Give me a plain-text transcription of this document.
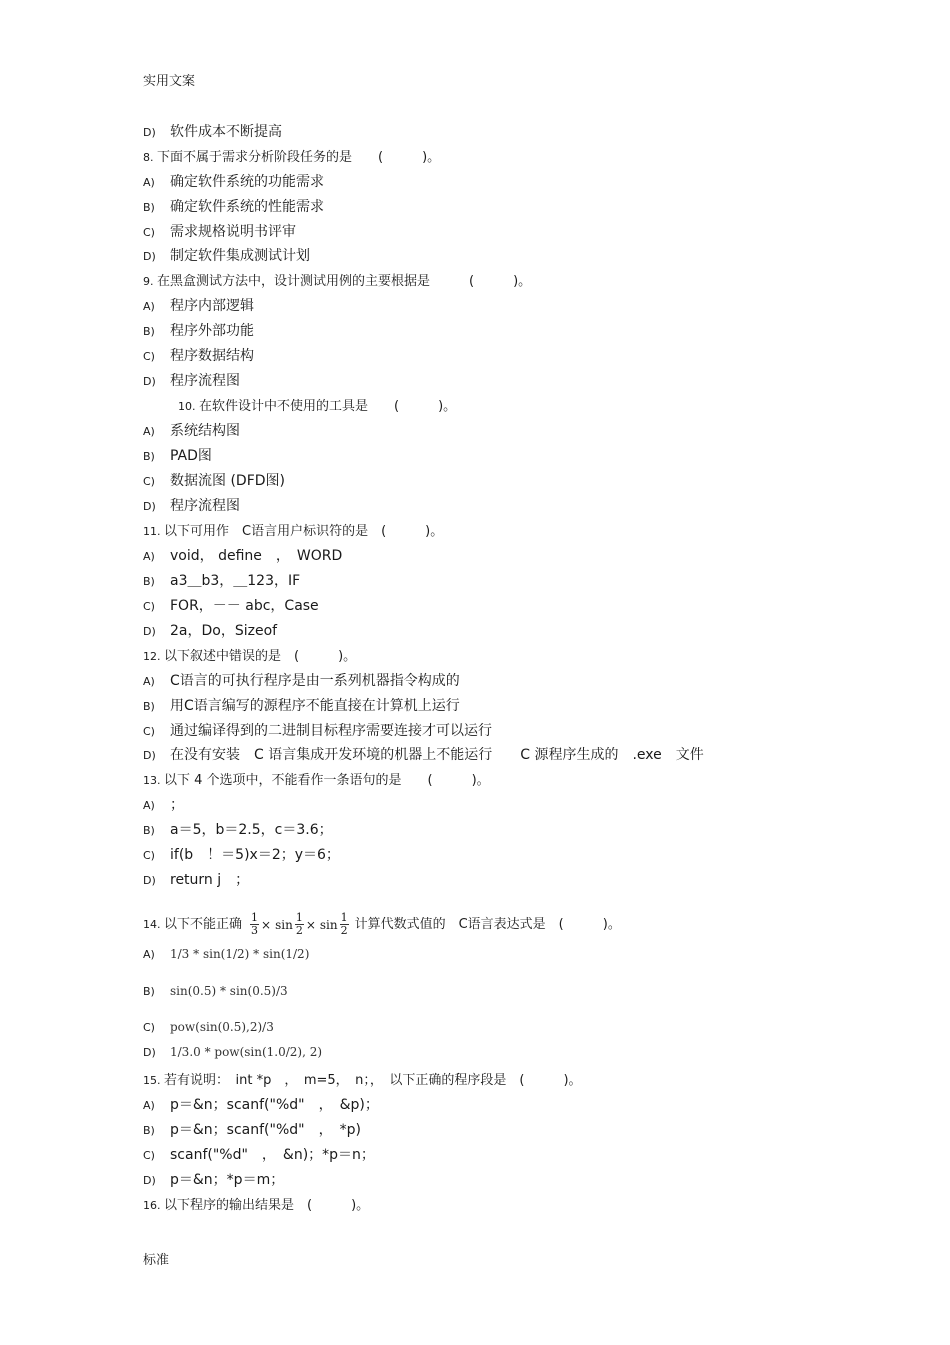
实用文案
D) 软件成本不断提高
8. 下面不属于需求分析阶段任务的是　　(　　　)。
A) 确定软件系统的功能需求
B) 确定软件系统的性能需求
C) 需求规格说明书评审
D) 制定软件集成测试计划
9. 在黑盒测试方法中，设计测试用例的主要根据是　　　(　　　)。
A) 程序内部逻辑
B) 程序外部功能
C) 程序数据结构
D) 程序流程图
10. 在软件设计中不使用的工具是　　(　　　)。
A) 系统结构图
B) PAD图
C) 数据流图 (DFD图)
D) 程序流程图
11. 以下可用作　C语言用户标识符的是　(　　　)。
A) void， define　，　WORD
B) a3＿b3，＿123，IF
C) FOR，－－ abc，Case
D) 2a，Do，Sizeof
12. 以下叙述中错误的是　(　　　)。
A) C语言的可执行程序是由一系列机器指令构成的
B) 用C语言编写的源程序不能直接在计算机上运行
C) 通过编译得到的二进制目标程序需要连接才可以运行
D) 在没有安装　C 语言集成开发环境的机器上不能运行　　C 源程序生成的　.exe　文件
13. 以下 4 个选项中，不能看作一条语句的是　　(　　　)。
A) ；
B) a＝5，b＝2.5，c＝3.6；
C) if(b　！＝5)x＝2；y＝6；
D) return j　；
14. 以下不能正确 $\frac{1}{3} \times \sin \frac{1}{2} \times \sin \frac{1}{2}$ 计算代数式值的　C语言表达式是　(　　　)。
A) 1/3 * sin(1/2) * sin(1/2)
B) sin(0.5) * sin(0.5)/3
C) pow(sin(0.5),2)/3
D) 1/3.0 * pow(sin(1.0/2), 2)
15. 若有说明：　int *p　，　m=5，　n；，　以下正确的程序段是　(　　　)。
A) p＝&n；scanf("%d"　，　&p)；
B) p＝&n；scanf("%d"　，　*p)
C) scanf("%d"　，　&n)；*p＝n；
D) p＝&n；*p＝m；
16. 以下程序的输出结果是　(　　　)。
标准
